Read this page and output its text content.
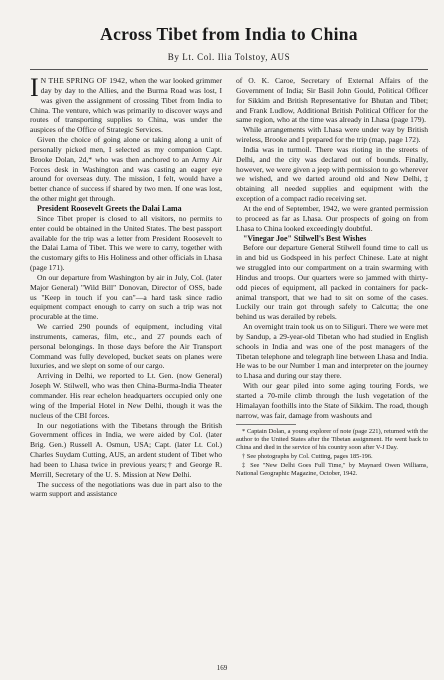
Across Tibet from India to China
By Lt. Col. Ilia Tolstoy, AUS

I N THE SPRING OF 1942, when the war looked grimmer day by day to the Allies, and the Burma Road was lost, I was given the assignment of crossing Tibet from India to China. The venture, which was primarily to discover ways and routes of transporting supplies to China, was under the auspices of the Office of Strategic Services.

Given the choice of going alone or taking along a unit of personally picked men, I selected as my companion Capt. Brooke Dolan, 2d,* who was then anchored to an Army Air Forces desk in Washington and was casting an eager eye around for overseas duty. The mission, I felt, would have a better chance of success if shared by two men. If one was lost, the other might get through.

President Roosevelt Greets the Dalai Lama

Since Tibet proper is closed to all visitors, no permits to enter could be obtained in the United States. The best passport available for the trip was a letter from President Roosevelt to the Dalai Lama of Tibet. This we were to carry, together with the customary gifts to His Holiness and other officials in Lhasa (page 171).

On our departure from Washington by air in July, Col. (later Major General) "Wild Bill" Donovan, Director of OSS, bade us "Keep in touch if you can"—a hard task since radio equipment compact enough to carry on such a trip was not procurable at the time.

We carried 290 pounds of equipment, including vital instruments, cameras, film, etc., and 27 pounds each of personal belongings. In those days before the Air Transport Command was fully developed, bucket seats on planes were luxuries, and we slept on some of our cargo.

Arriving in Delhi, we reported to Lt. Gen. (now General) Joseph W. Stilwell, who was then China-Burma-India Theater commander. His rear echelon headquarters occupied only one wing of the Imperial Hotel in New Delhi, though it was the nucleus of the CBI forces.

In our negotiations with the Tibetans through the British Government offices in India, we were aided by Col. (later Brig. Gen.) Russell A. Osmun, USA; Capt. (later Lt. Col.) Charles Suydam Cutting, AUS, an ardent student of Tibet who had been to Lhasa twice in previous years;† and George R. Merrill, Secretary of the U. S. Mission at New Delhi.

The success of the negotiations was due in part also to the warm support and assistance

of O. K. Caroe, Secretary of External Affairs of the Government of India; Sir Basil John Gould, Political Officer for Sikkim and British Representative for Bhutan and Tibet; and Frank Ludlow, Additional British Political Officer for the same region, who at the time was already in Lhasa (page 179).

While arrangements with Lhasa were under way by British wireless, Brooke and I prepared for the trip (map, page 172).

India was in turmoil. There was rioting in the streets of Delhi, and the city was declared out of bounds. Finally, however, we were given a jeep with permission to go wherever we wished, and we darted around old and New Delhi,‡ obtaining all needed supplies and equipment with the exception of a compact radio receiving set.

At the end of September, 1942, we were granted permission to proceed as far as Lhasa. Our prospects of going on from Lhasa to China looked exceedingly doubtful.

"Vinegar Joe" Stilwell's Best Wishes

Before our departure General Stilwell found time to call us in and bid us Godspeed in his perfect Chinese. Late at night we struggled into our compartment on a train swarming with Hindus and troops. Our quarters were so jammed with thirty-odd pieces of equipment, all packed in containers for pack-animal transport, that we had to sit on some of the cases. Luckily our train got through safely to Calcutta; the one behind us was derailed by rebels.

An overnight train took us on to Siliguri. There we were met by Sandup, a 29-year-old Tibetan who had studied in English schools in India and was one of the post managers of the Tibetan telephone and telegraph line between Lhasa and India. He was to be our Number 1 man and interpreter on the journey to Lhasa and during our stay there.

With our gear piled into some aging touring Fords, we started a 70-mile climb through the lush vegetation of the Himalayan foothills into the State of Sikkim. The road, though narrow, was fair, damage from washouts and

* Captain Dolan, a young explorer of note (page 221), returned with the author to the United States after the Tibetan assignment. He went back to China and died in the service of his country soon after V-J Day.

† See photographs by Col. Cutting, pages 185-196.

‡ See "New Delhi Goes Full Time," by Maynard Owen Williams, National Geographic Magazine, October, 1942.

169
